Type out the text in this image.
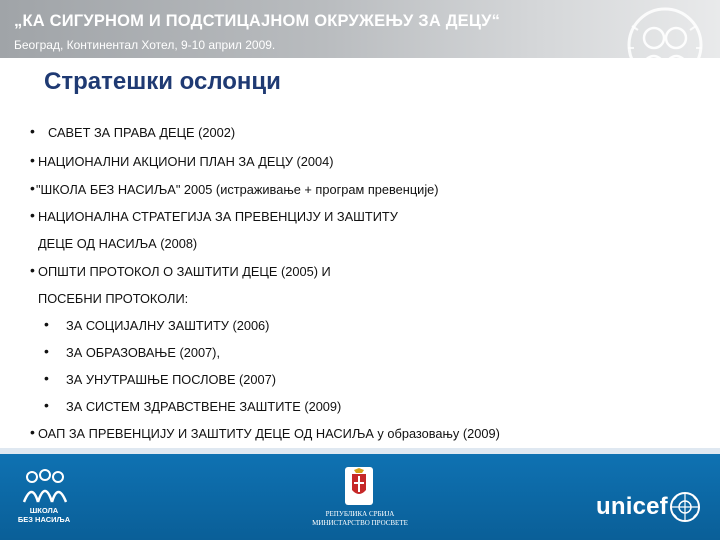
„КА СИГУРНОМ И ПОДСТИЦАЈНОМ ОКРУЖЕЊУ ЗА ДЕЦУ“
Београд, Континентал Хотел, 9-10 април 2009.
Стратешки ослонци
• САВЕТ ЗА ПРАВА ДЕЦЕ (2002)
• НАЦИОНАЛНИ АКЦИОНИ ПЛАН ЗА ДЕЦУ (2004)
• "ШКОЛА БЕЗ НАСИЉА" 2005 (истраживање + програм превенције)
• НАЦИОНАЛНА СТРАТЕГИЈА ЗА ПРЕВЕНЦИЈУ И ЗАШТИТУ
ДЕЦЕ ОД НАСИЉА (2008)
• ОПШТИ ПРОТОКОЛ О ЗАШТИТИ ДЕЦЕ (2005) И
ПОСЕБНИ ПРОТОКОЛИ:
• ЗА СОЦИЈАЛНУ ЗАШТИТУ (2006)
• ЗА ОБРАЗОВАЊЕ (2007),
• ЗА УНУТРАШЊЕ ПОСЛОВЕ (2007)
• ЗА СИСТЕМ ЗДРАВСТВЕНЕ ЗАШТИТЕ (2009)
• ОАП ЗА ПРЕВЕНЦИЈУ И ЗАШТИТУ ДЕЦЕ ОД НАСИЉА у образовању (2009)
ШКОЛА
БЕЗ НАСИЉА
РЕПУБЛИКА СРБИЈА
МИНИСТАРСТВО ПРОСВЕТЕ
unicef
